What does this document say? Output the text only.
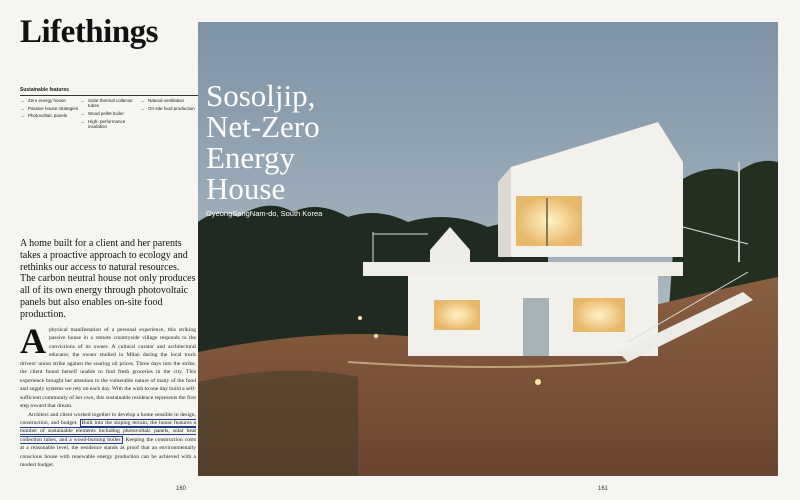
Lifethings
Sustainable features
→ Zero energy house
→ Passive house strategies
→ Photovoltaic panels
→ Solar thermal collector tubes
→ Wood pellet boiler
→ High- performance insulation
→ Natural ventilation
→ On-site food production
A home built for a client and her parents takes a proactive approach to ecology and rethinks our access to natural resources. The carbon neutral house not only produces all of its own energy through photovoltaic panels but also enables on-site food production.

Aphysical manifestation of a personal experience, this striking passive house in a remote countryside village responds to the convictions of its owner. A cultural curator and architectural educator, the owner studied in Milan during the local truck drivers' union strike against the soaring oil prices. Three days into the strike, the client found herself unable to find fresh groceries in the city. This experience brought her attention to the vulnerable nature of many of the food and supply systems we rely on each day. With the wish to one day build a self-sufficient community of her own, this sustainable residence represents the first step toward that dream.

Architect and client worked together to develop a home sensible in design, construction, and budget. Built into the sloping terrain, the house features a number of sustainable elements including photovoltaic panels, solar heat collection tubes, and a wood-burning boiler. Keeping the construction costs at a reasonable level, the residence stands as proof that an environmentally conscious house with renewable energy production can be achieved with a modest budget.

160
Sosoljip,
Net-Zero
Energy
House
GyeongSangNam-do, South Korea
161
